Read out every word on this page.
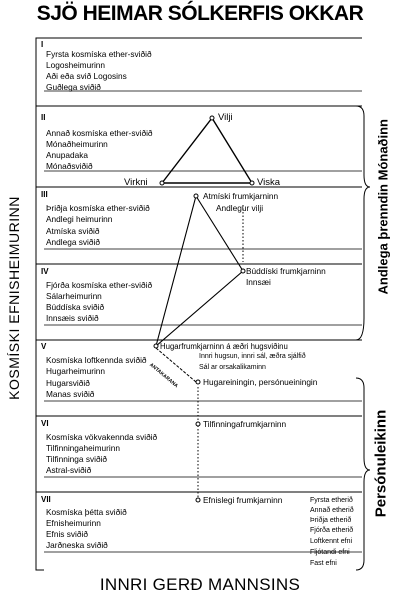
SJÖ HEIMAR SÓLKERFIS OKKAR
INNRI GERÐ MANNSINS
KOSMÍSKI EFNISHEIMURINN	Andlega þrenndin Mónaðinn
Persónuleikinn
I
Fyrsta kosmíska ether-sviðið
Logosheimurinn
Aði eða svið Logosins
Guðlega sviðið
II
Annað kosmíska ether-sviðið
Mónaðheimurinn
Anupadaka
Mónaðsviðið
III
Þriðja kosmíska ether-sviðið
Andlegi heimurinn
Atmíska sviðið
Andlega sviðið
IV
Fjórða kosmíska ether-sviðið
Sálarheimurinn
Búddíska sviðið
Innsæis sviðið
V
Kosmíska loftkennda sviðið
Hugarheimurinn
Hugarsviðið
Manas sviðið
VI
Kosmíska vökvakennda sviðið
Tilfinningaheimurinn
Tilfinninga sviðið
Astral-sviðið
VII
Kosmíska þétta sviðið
Efnisheimurinn
Efnis sviðið
Jarðneska sviðið
Vilji
Virkni	Viska
Atmíski frumkjarninn
Andlegur vilji
Búddíski frumkjarninn
Innsæi
Hugarfrumkjarninn á æðri hugsviðinu
Innri hugsun, innri sál, æðra sjálfið
Sál ar orsakalikaminn
Hugareiningin, persónueiningin
Tilfinningafrumkjarninn
Efnislegi frumkjarninn
ANTAKARANA
Fyrsta etherið
Annað etherið
Þriðja etherið
Fjórða etherið
Loftkennt efni
Fljótandi efni
Fast efni
